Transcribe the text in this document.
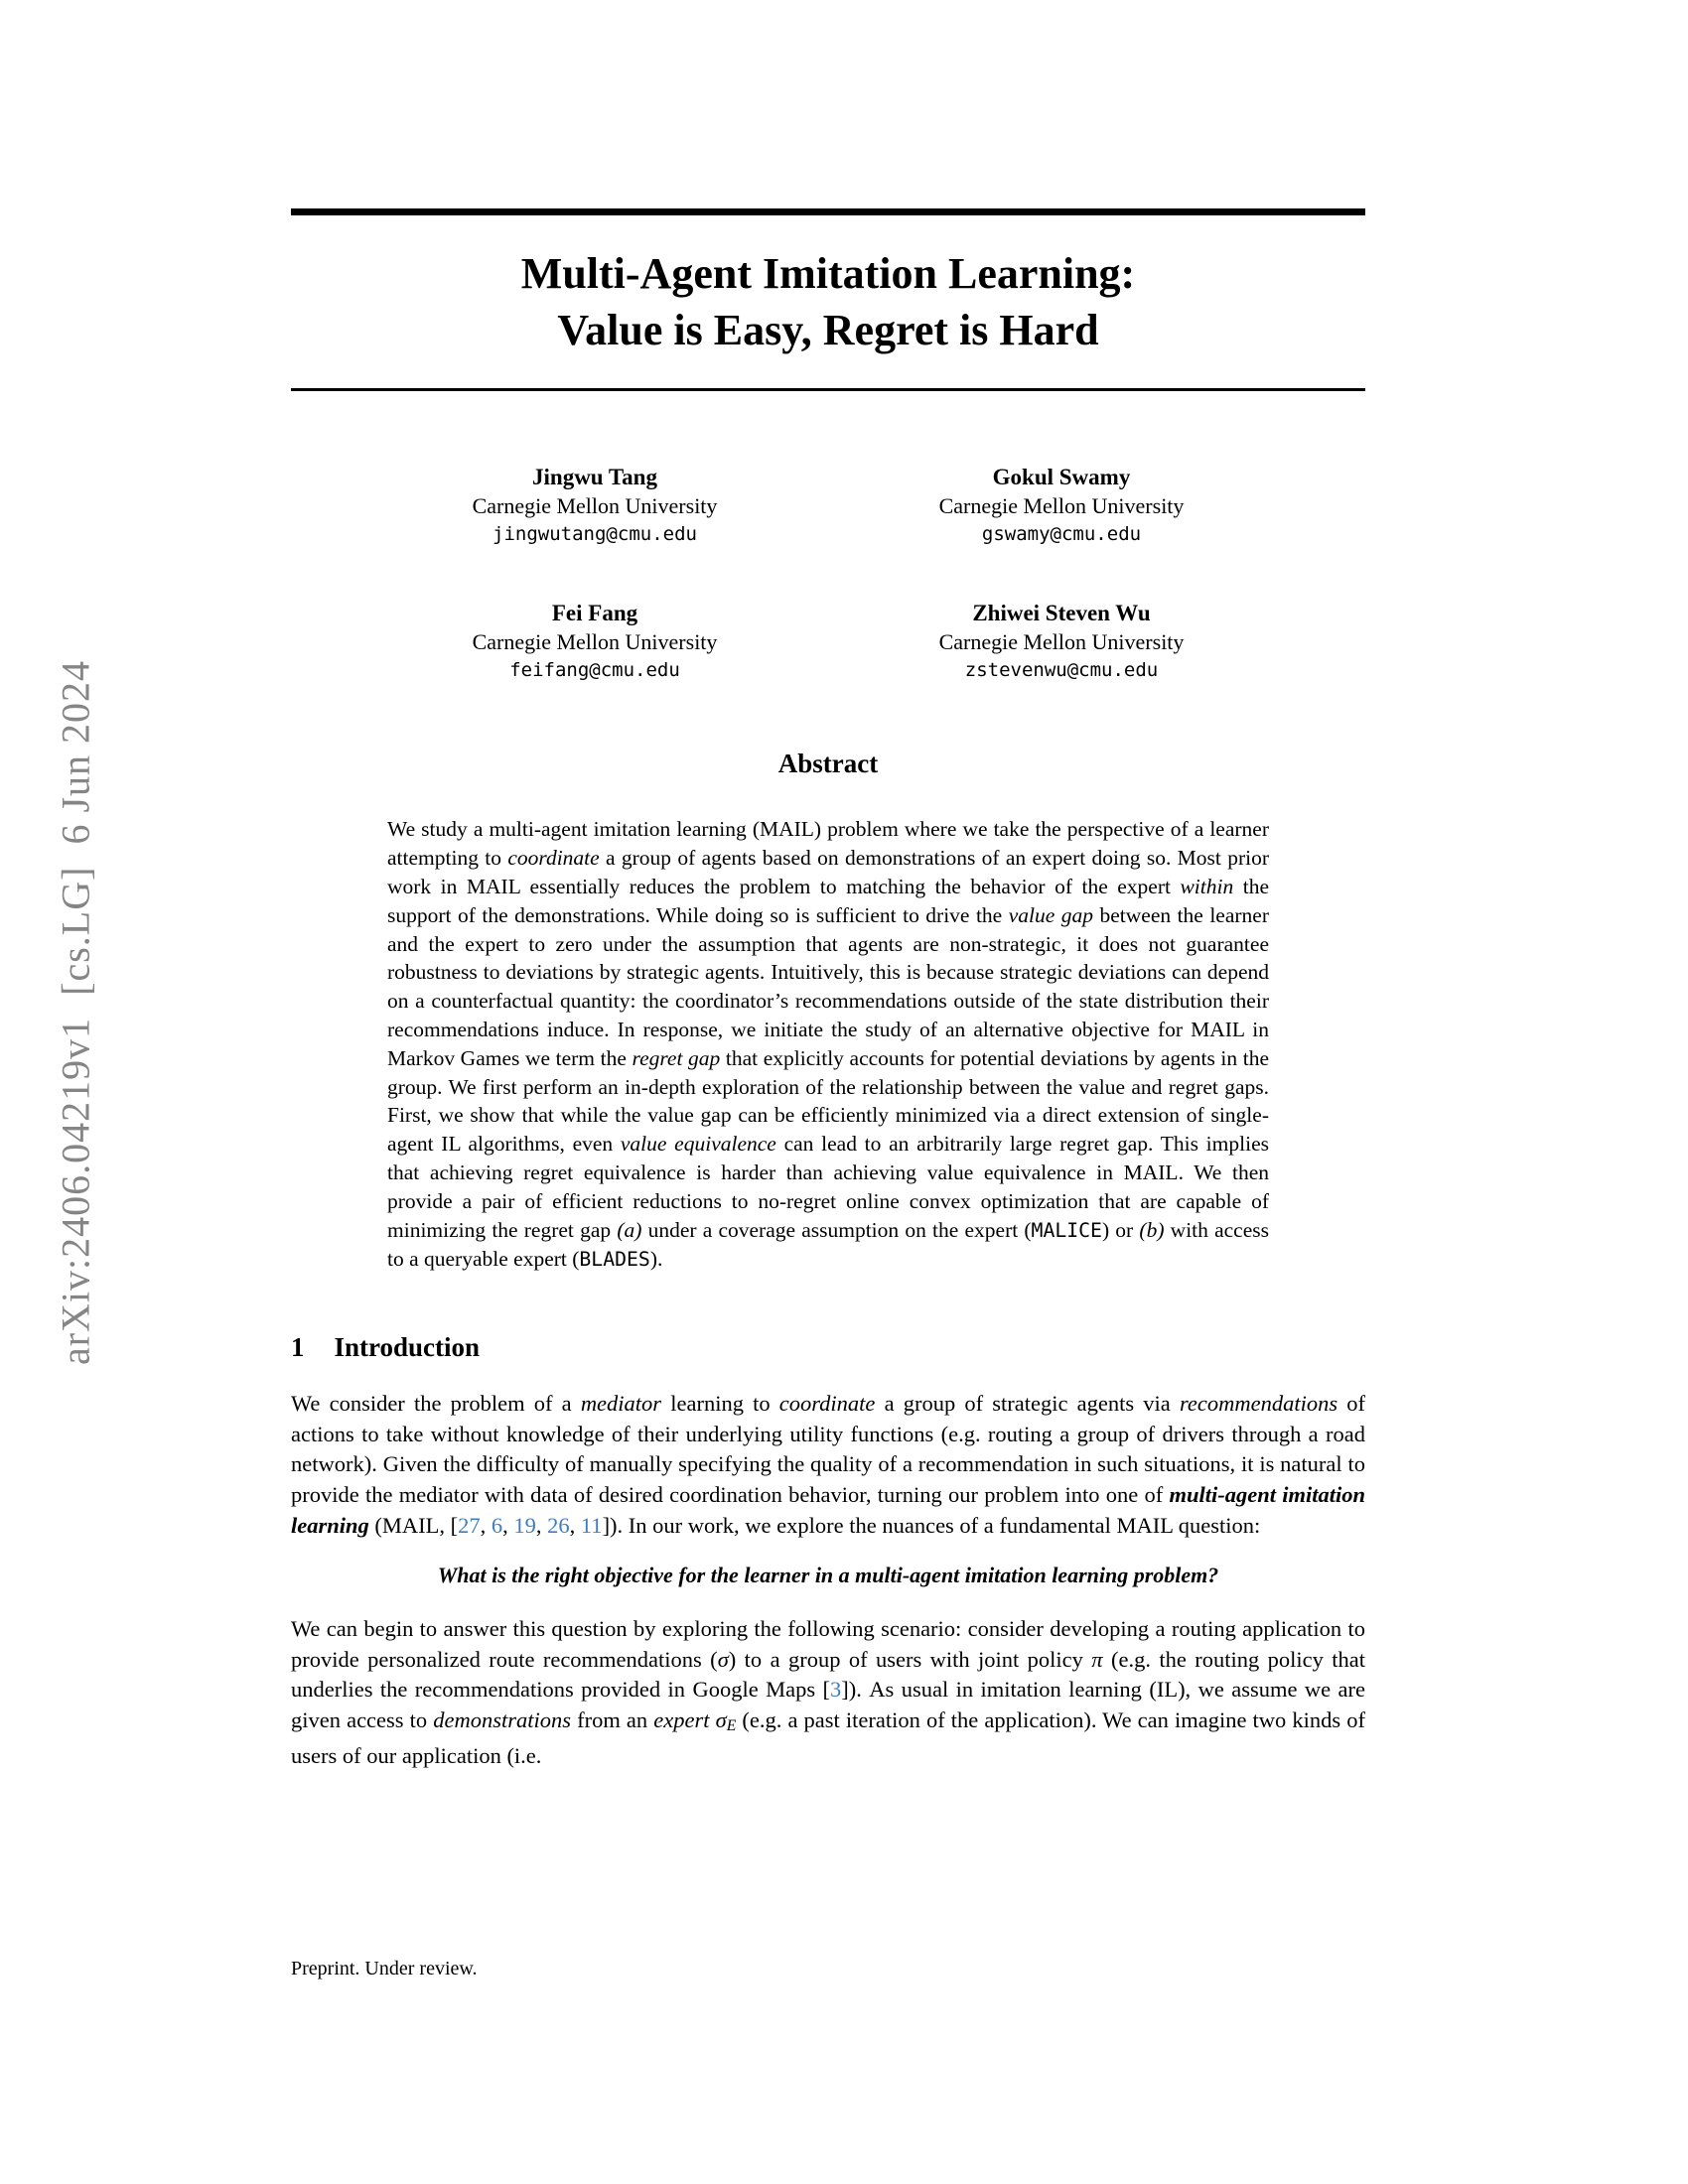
arXiv:2406.04219v1  [cs.LG]  6 Jun 2024
Multi-Agent Imitation Learning:
Value is Easy, Regret is Hard
Jingwu Tang
Carnegie Mellon University
jingwutang@cmu.edu
Gokul Swamy
Carnegie Mellon University
gswamy@cmu.edu
Fei Fang
Carnegie Mellon University
feifang@cmu.edu
Zhiwei Steven Wu
Carnegie Mellon University
zstevenwu@cmu.edu
Abstract

We study a multi-agent imitation learning (MAIL) problem where we take the perspective of a learner attempting to coordinate a group of agents based on demonstrations of an expert doing so. Most prior work in MAIL essentially reduces the problem to matching the behavior of the expert within the support of the demonstrations. While doing so is sufficient to drive the value gap between the learner and the expert to zero under the assumption that agents are non-strategic, it does not guarantee robustness to deviations by strategic agents. Intuitively, this is because strategic deviations can depend on a counterfactual quantity: the coordinator’s recommendations outside of the state distribution their recommendations induce. In response, we initiate the study of an alternative objective for MAIL in Markov Games we term the regret gap that explicitly accounts for potential deviations by agents in the group. We first perform an in-depth exploration of the relationship between the value and regret gaps. First, we show that while the value gap can be efficiently minimized via a direct extension of single-agent IL algorithms, even value equivalence can lead to an arbitrarily large regret gap. This implies that achieving regret equivalence is harder than achieving value equivalence in MAIL. We then provide a pair of efficient reductions to no-regret online convex optimization that are capable of minimizing the regret gap (a) under a coverage assumption on the expert (MALICE) or (b) with access to a queryable expert (BLADES).

1 Introduction

We consider the problem of a mediator learning to coordinate a group of strategic agents via recommendations of actions to take without knowledge of their underlying utility functions (e.g. routing a group of drivers through a road network). Given the difficulty of manually specifying the quality of a recommendation in such situations, it is natural to provide the mediator with data of desired coordination behavior, turning our problem into one of multi-agent imitation learning (MAIL, [27, 6, 19, 26, 11]). In our work, we explore the nuances of a fundamental MAIL question:

What is the right objective for the learner in a multi-agent imitation learning problem?

We can begin to answer this question by exploring the following scenario: consider developing a routing application to provide personalized route recommendations (σ) to a group of users with joint policy π (e.g. the routing policy that underlies the recommendations provided in Google Maps [3]). As usual in imitation learning (IL), we assume we are given access to demonstrations from an expert σE (e.g. a past iteration of the application). We can imagine two kinds of users of our application (i.e.

Preprint. Under review.
